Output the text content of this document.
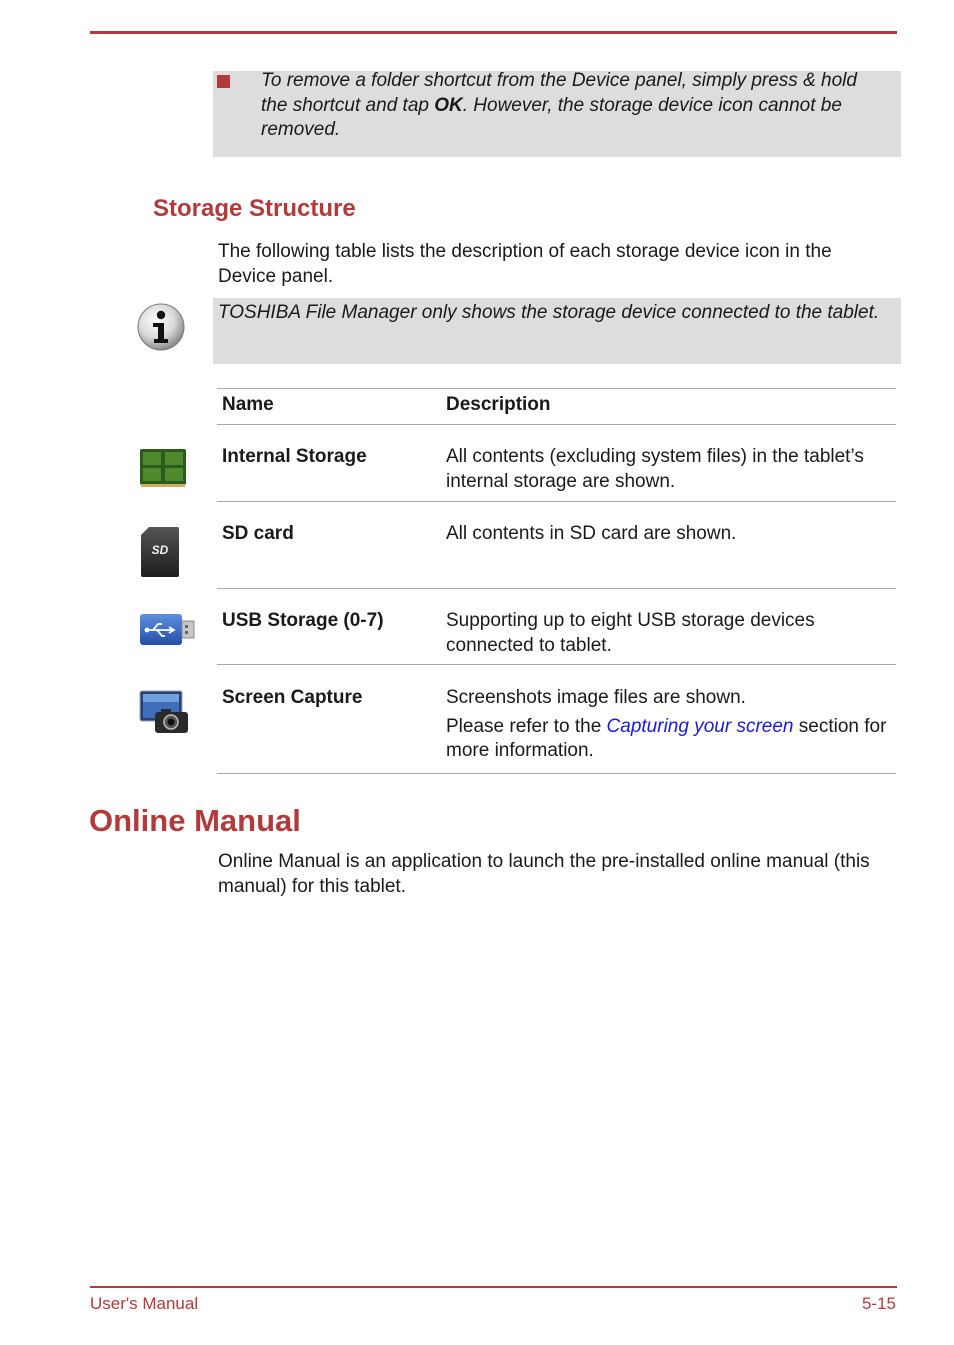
To remove a folder shortcut from the Device panel, simply press & hold the shortcut and tap OK. However, the storage device icon cannot be removed.
Storage Structure

The following table lists the description of each storage device icon in the Device panel.

TOSHIBA File Manager only shows the storage device connected to the tablet.
Name	Description
Internal Storage	All contents (excluding system files) in the tablet’s internal storage are shown.
SD
SD card	All contents in SD card are shown.
USB Storage (0-7)	Supporting up to eight USB storage devices connected to tablet.
Screen Capture	Screenshots image files are shown.

Please refer to the Capturing your screen section for more information.

Online Manual

Online Manual is an application to launch the pre-installed online manual (this manual) for this tablet.

User's Manual	5-15
